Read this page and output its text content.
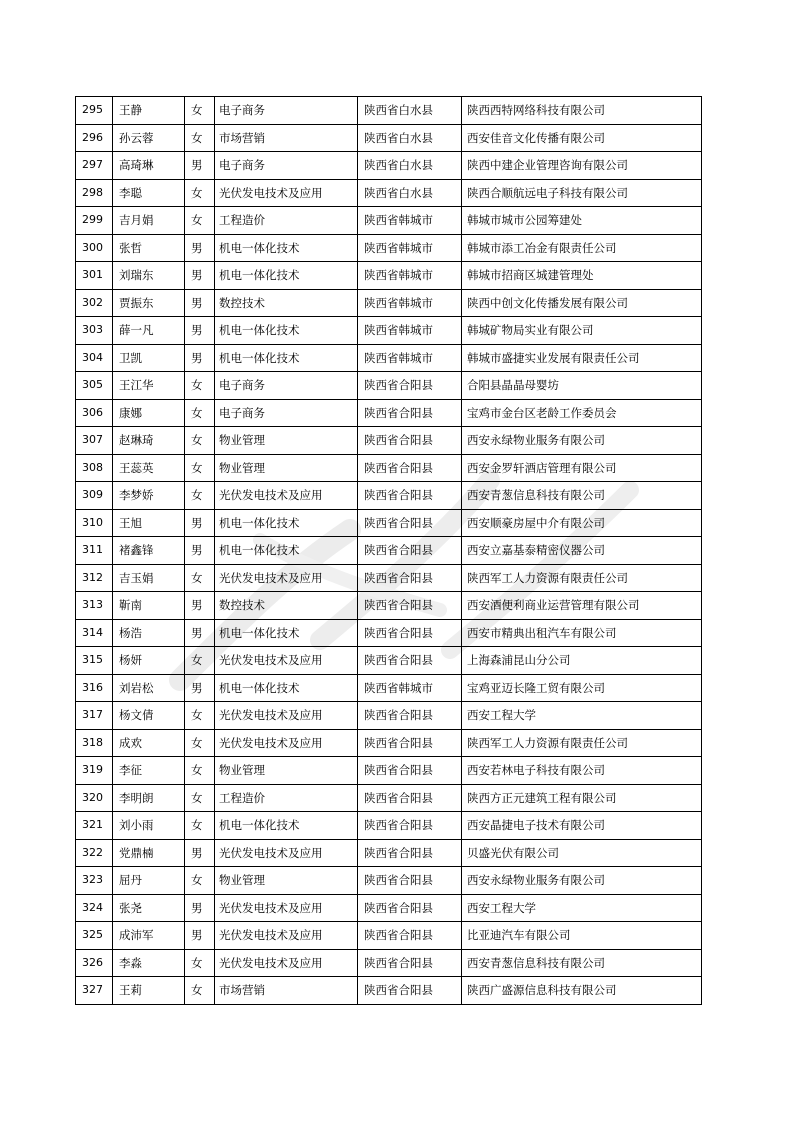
295	王静	女	电子商务	陕西省白水县	陕西西特网络科技有限公司
296	孙云蓉	女	市场营销	陕西省白水县	西安佳音文化传播有限公司
297	高琦琳	男	电子商务	陕西省白水县	陕西中建企业管理咨询有限公司
298	李聪	女	光伏发电技术及应用	陕西省白水县	陕西合顺航远电子科技有限公司
299	吉月娟	女	工程造价	陕西省韩城市	韩城市城市公园筹建处
300	张哲	男	机电一体化技术	陕西省韩城市	韩城市添工冶金有限责任公司
301	刘瑞东	男	机电一体化技术	陕西省韩城市	韩城市招商区城建管理处
302	贾振东	男	数控技术	陕西省韩城市	陕西中创文化传播发展有限公司
303	薛一凡	男	机电一体化技术	陕西省韩城市	韩城矿物局实业有限公司
304	卫凯	男	机电一体化技术	陕西省韩城市	韩城市盛捷实业发展有限责任公司
305	王江华	女	电子商务	陕西省合阳县	合阳县晶晶母婴坊
306	康娜	女	电子商务	陕西省合阳县	宝鸡市金台区老龄工作委员会
307	赵琳琦	女	物业管理	陕西省合阳县	西安永绿物业服务有限公司
308	王蕊英	女	物业管理	陕西省合阳县	西安金罗轩酒店管理有限公司
309	李梦娇	女	光伏发电技术及应用	陕西省合阳县	西安青葱信息科技有限公司
310	王旭	男	机电一体化技术	陕西省合阳县	西安顺豪房屋中介有限公司
311	褚鑫锋	男	机电一体化技术	陕西省合阳县	西安立嘉基泰精密仪器公司
312	吉玉娟	女	光伏发电技术及应用	陕西省合阳县	陕西军工人力资源有限责任公司
313	靳南	男	数控技术	陕西省合阳县	西安酒便利商业运营管理有限公司
314	杨浩	男	机电一体化技术	陕西省合阳县	西安市精典出租汽车有限公司
315	杨妍	女	光伏发电技术及应用	陕西省合阳县	上海森浦昆山分公司
316	刘岩松	男	机电一体化技术	陕西省韩城市	宝鸡亚迈长隆工贸有限公司
317	杨文倩	女	光伏发电技术及应用	陕西省合阳县	西安工程大学
318	成欢	女	光伏发电技术及应用	陕西省合阳县	陕西军工人力资源有限责任公司
319	李征	女	物业管理	陕西省合阳县	西安若林电子科技有限公司
320	李明朗	女	工程造价	陕西省合阳县	陕西方正元建筑工程有限公司
321	刘小雨	女	机电一体化技术	陕西省合阳县	西安晶捷电子技术有限公司
322	党鼎楠	男	光伏发电技术及应用	陕西省合阳县	贝盛光伏有限公司
323	屈丹	女	物业管理	陕西省合阳县	西安永绿物业服务有限公司
324	张尧	男	光伏发电技术及应用	陕西省合阳县	西安工程大学
325	成沛军	男	光伏发电技术及应用	陕西省合阳县	比亚迪汽车有限公司
326	李淼	女	光伏发电技术及应用	陕西省合阳县	西安青葱信息科技有限公司
327	王莉	女	市场营销	陕西省合阳县	陕西广盛源信息科技有限公司
